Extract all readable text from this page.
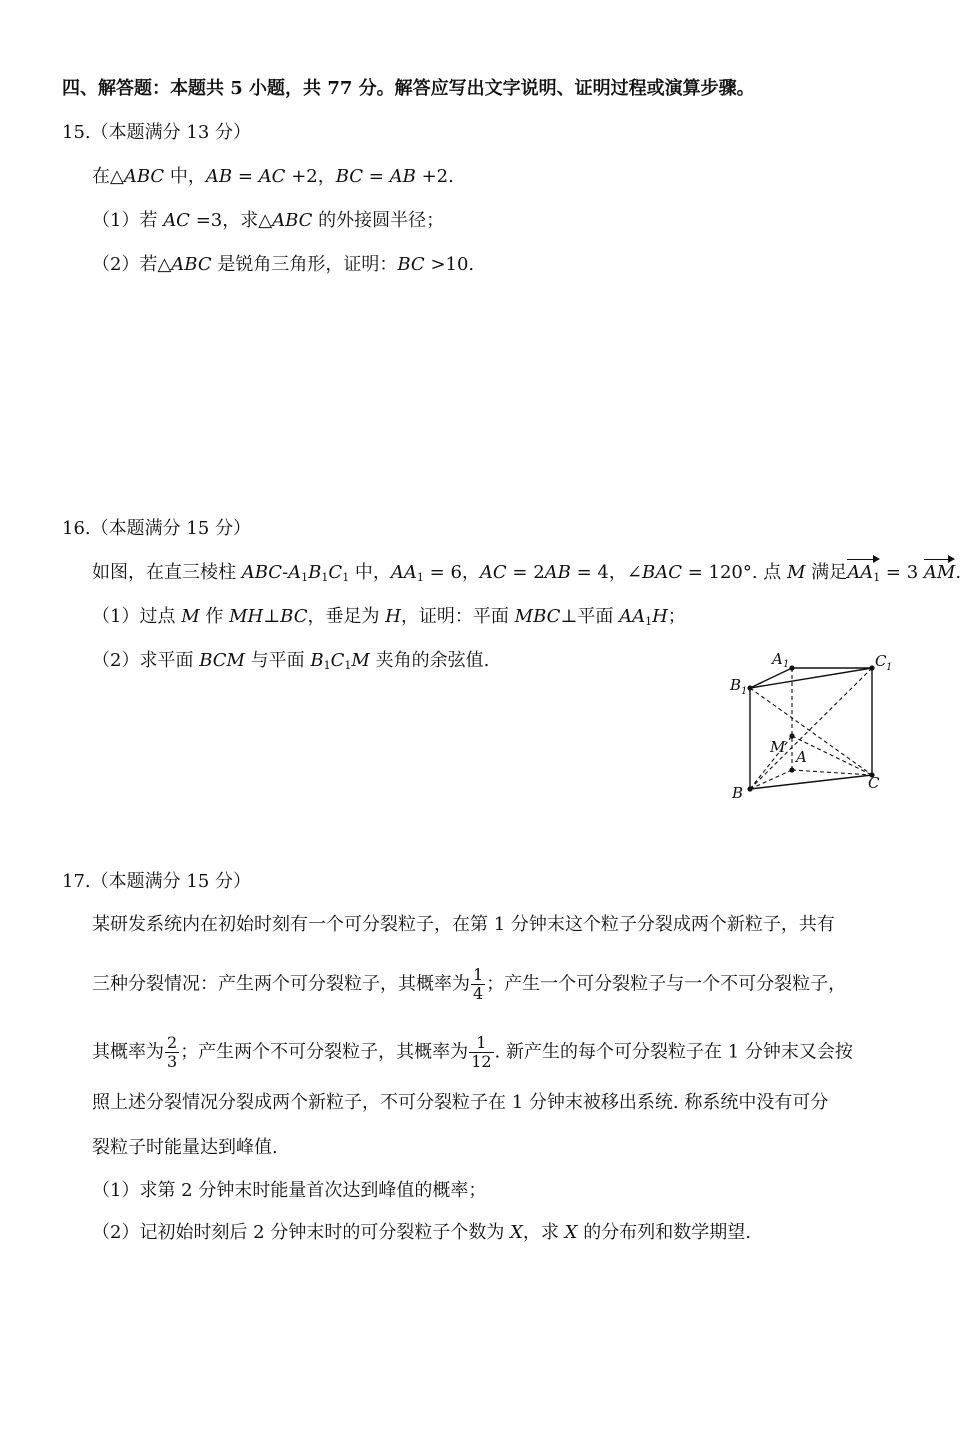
四、解答题：本题共 5 小题，共 77 分。解答应写出文字说明、证明过程或演算步骤。
15.（本题满分 13 分）
在△ABC 中，AB = AC +2，BC = AB +2.
（1）若 AC =3，求△ABC 的外接圆半径；
（2）若△ABC 是锐角三角形，证明：BC >10.
16.（本题满分 15 分）
如图，在直三棱柱 ABC-$A_1B_1C_1$ 中，$AA_1 = 6$，AC = 2AB = 4，∠BAC = 120°. 点 M 满足$AA_1 = 3$ AM.
（1）过点 M 作 MH⊥BC，垂足为 H，证明：平面 MBC⊥平面 $AA_1H$；
（2）求平面 BCM 与平面 $B_1C_1M$ 夹角的余弦值.	A 1	C 1
B 1
M
A
B
C
17.（本题满分 15 分）
某研发系统内在初始时刻有一个可分裂粒子，在第 1 分钟末这个粒子分裂成两个新粒子，共有
三种分裂情况：产生两个可分裂粒子，其概率为 $\frac{1}{4}$ ；产生一个可分裂粒子与一个不可分裂粒子，
其概率为 $\frac{2}{3}$ ；产生两个不可分裂粒子，其概率为 $\frac{1}{12}$ . 新产生的每个可分裂粒子在 1 分钟末又会按
照上述分裂情况分裂成两个新粒子，不可分裂粒子在 1 分钟末被移出系统. 称系统中没有可分
裂粒子时能量达到峰值.
（1）求第 2 分钟末时能量首次达到峰值的概率；
（2）记初始时刻后 2 分钟末时的可分裂粒子个数为 X，求 X 的分布列和数学期望.
